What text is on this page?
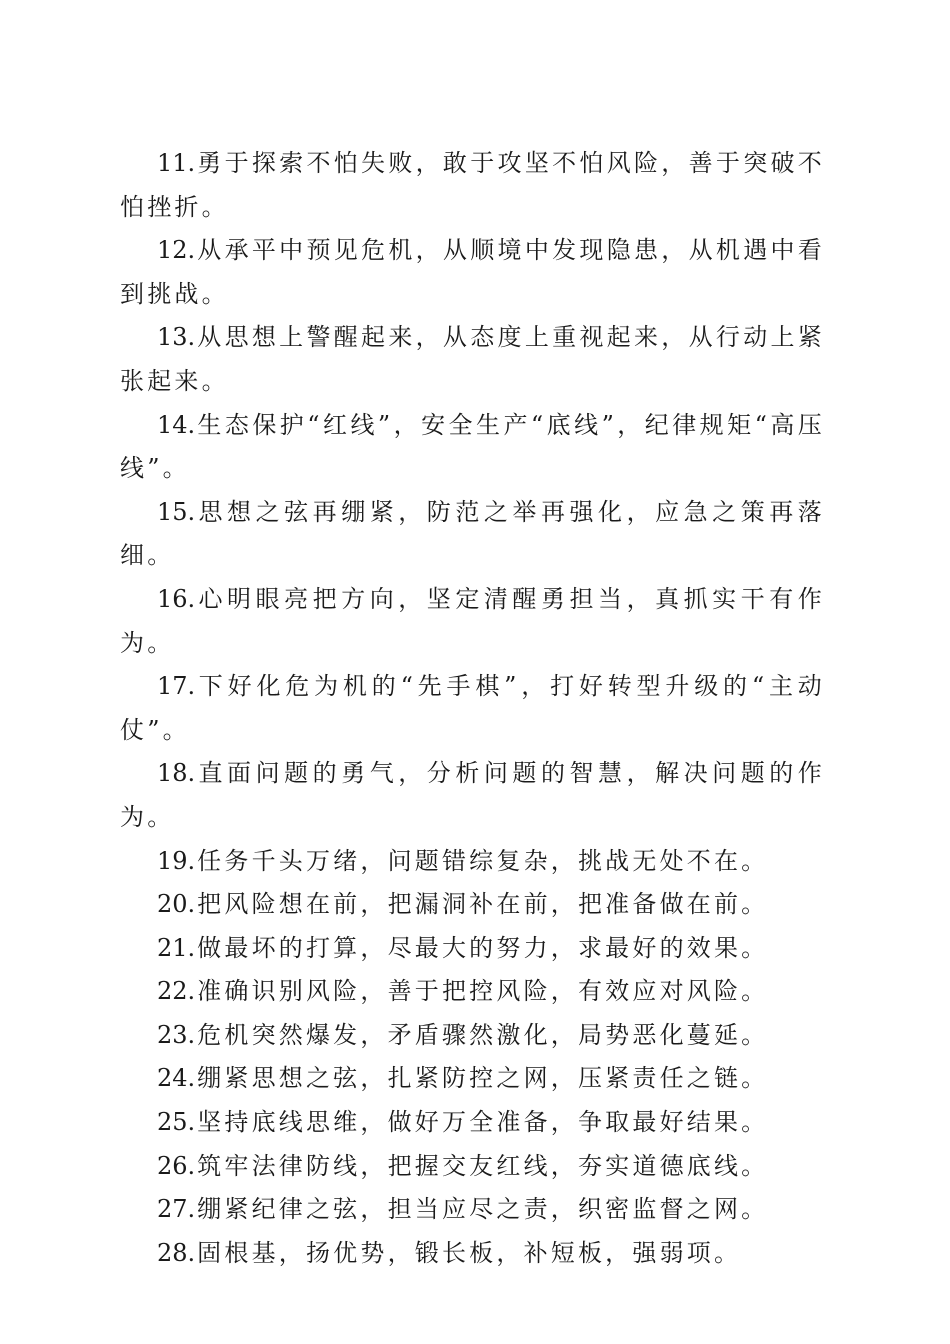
11.勇于探索不怕失败，敢于攻坚不怕风险，善于突破不怕挫折。

12.从承平中预见危机，从顺境中发现隐患，从机遇中看到挑战。

13.从思想上警醒起来，从态度上重视起来，从行动上紧张起来。

14.生态保护“红线”，安全生产“底线”，纪律规矩“高压线”。

15.思想之弦再绷紧，防范之举再强化，应急之策再落细。

16.心明眼亮把方向，坚定清醒勇担当，真抓实干有作为。

17.下好化危为机的“先手棋”，打好转型升级的“主动仗”。

18.直面问题的勇气，分析问题的智慧，解决问题的作为。

19.任务千头万绪，问题错综复杂，挑战无处不在。

20.把风险想在前，把漏洞补在前，把准备做在前。

21.做最坏的打算，尽最大的努力，求最好的效果。

22.准确识别风险，善于把控风险，有效应对风险。

23.危机突然爆发，矛盾骤然激化，局势恶化蔓延。

24.绷紧思想之弦，扎紧防控之网，压紧责任之链。

25.坚持底线思维，做好万全准备，争取最好结果。

26.筑牢法律防线，把握交友红线，夯实道德底线。

27.绷紧纪律之弦，担当应尽之责，织密监督之网。

28.固根基，扬优势，锻长板，补短板，强弱项。
